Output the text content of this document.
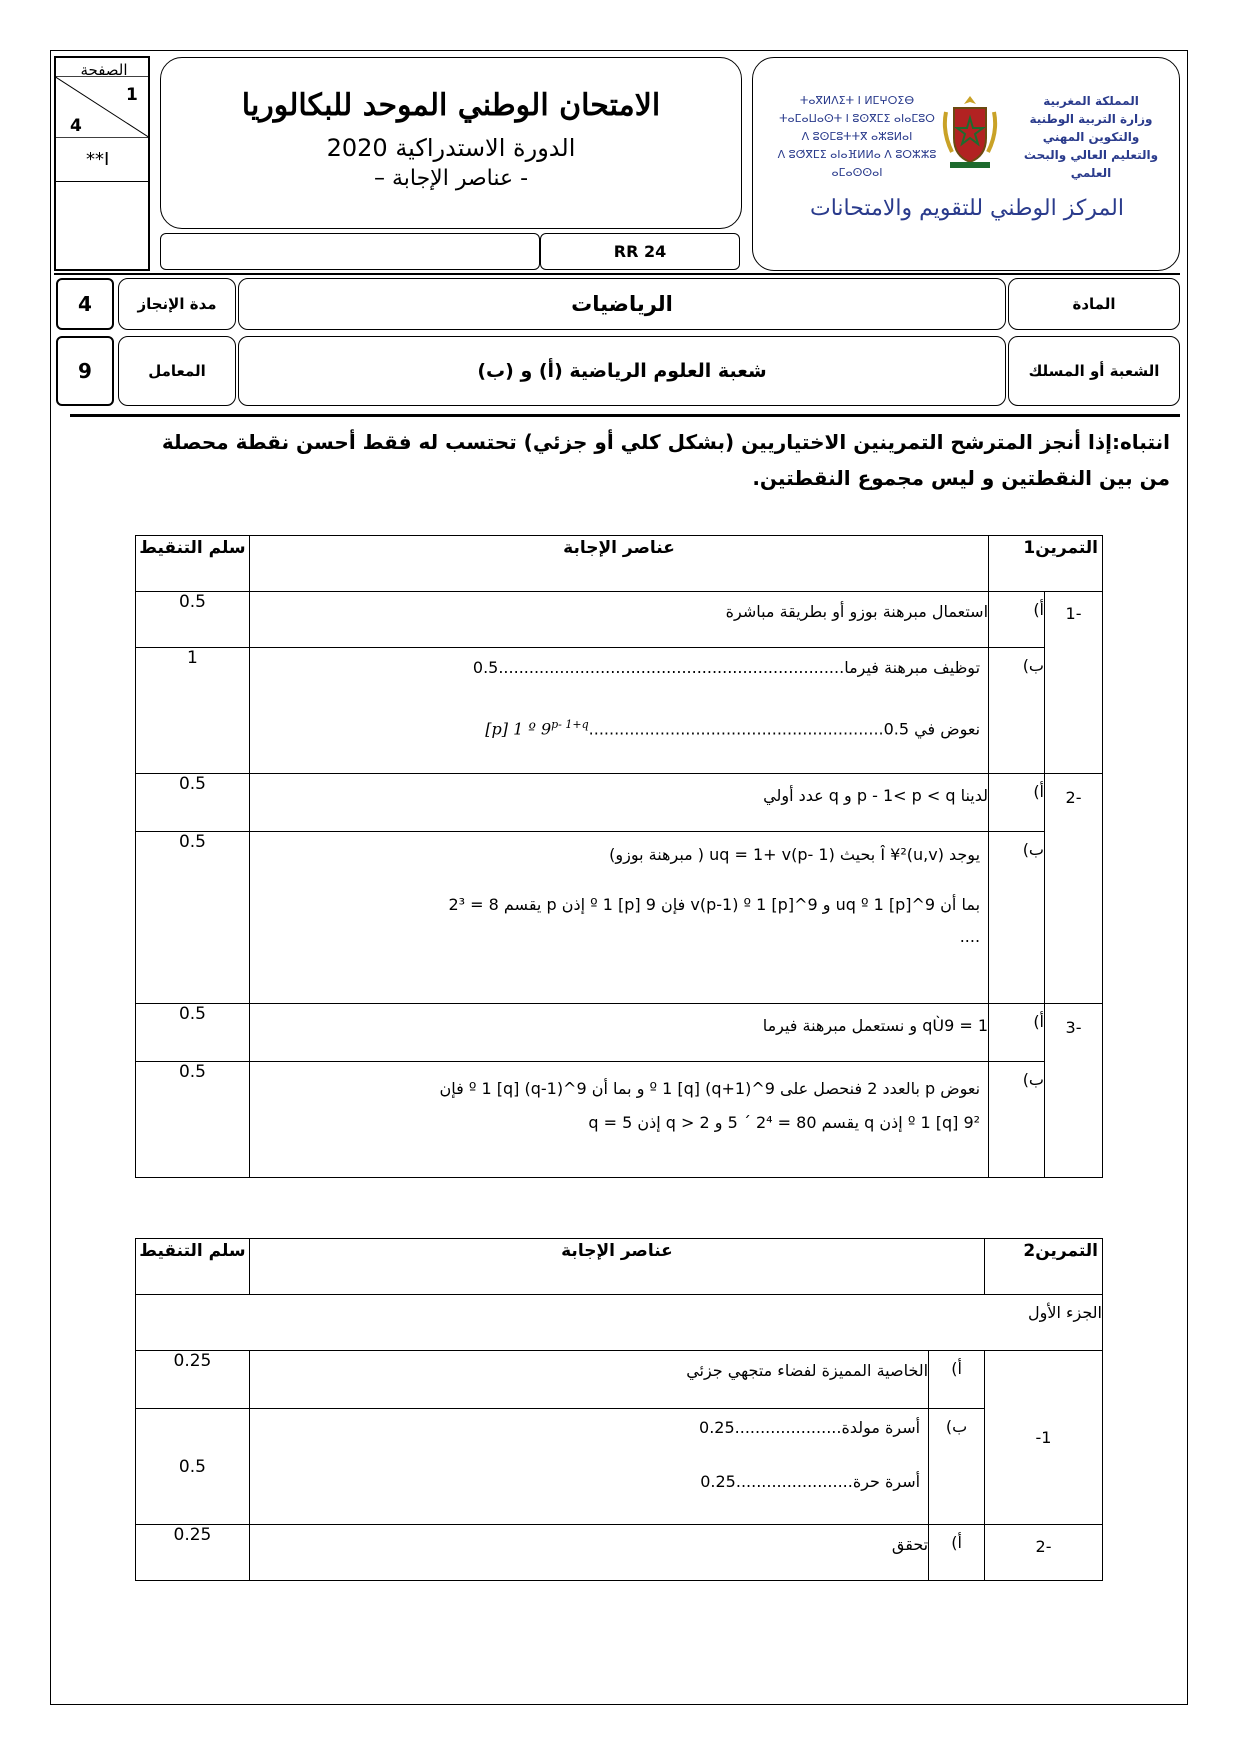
الصفحة
1
4
**I
الامتحان الوطني الموحد للبكالوريا
الدورة الاستدراكية 2020
- عناصر الإجابة –
RR 24
ⵜⴰⴳⵍⴷⵉⵜ ⵏ ⵍⵎⵖⵔⵉⴱ
ⵜⴰⵎⴰⵡⴰⵙⵜ ⵏ ⵓⵙⴳⵎⵉ ⴰⵏⴰⵎⵓⵔ
ⴷ ⵓⵙⵎⵓⵜⵜⴳ ⴰⵣⵓⵍⴰⵏ
ⴷ ⵓⵚⴳⵎⵉ ⴰⵏⴰⴼⵍⵍⴰ ⴷ ⵓⵔⵣⵣⵓ ⴰⵎⴰⵙⵙⴰⵏ
المملكة المغربية
وزارة التربية الوطنية
والتكوين المهني
والتعليم العالي والبحث العلمي
المركز الوطني للتقويم والامتحانات
4	مدة الإنجاز	الرياضيات	المادة
9	المعامل	شعبة العلوم الرياضية (أ) و (ب)	الشعبة أو المسلك
انتباه:إذا أنجز المترشح التمرينين الاختياريين (بشكل كلي أو جزئي) تحتسب له فقط أحسن نقطة محصلة
من بين النقطتين و ليس مجموع النقطتين.
سلم التنقيط	عناصر الإجابة	التمرين1	
0.5	استعمال مبرهنة بوزو أو بطريقة مباشرة	أ)	-1
1	توظيف مبرهنة فيرما....................................................................0.5
نعوض في [p] 1 º $9^{p- 1+q}..........................................................0.5$	ب)	
0.5	لدينا p - 1< p < q و q عدد أولي	أ)	-2
0.5	يوجد (u,v)Î ¥² بحيث uq = 1+ v(p- 1) ( مبرهنة بوزو)
بما أن 9^uq º 1 [p] و 9^v(p-1) º 1 [p] فإن 9 º 1 [p] إذن p يقسم 8 = 2³
....	ب)	
0.5	qÙ9 = 1 و نستعمل مبرهنة فيرما	أ)	-3
0.5	نعوض p بالعدد 2 فنحصل على 9^(q+1) º 1 [q] و بما أن 9^(q-1) º 1 [q] فإن
9² º 1 [q] إذن q يقسم 80 = 2⁴ ´ 5 و q > 2 إذن q = 5	ب)	
سلم التنقيط	عناصر الإجابة		التمرين2
الجزء الأول			
0.25	الخاصية المميزة لفضاء متجهي جزئي	أ)	-1
0.5	أسرة مولدة.....................0.25
أسرة حرة.......................0.25	ب)	
0.25	تحقق	أ)	-2
